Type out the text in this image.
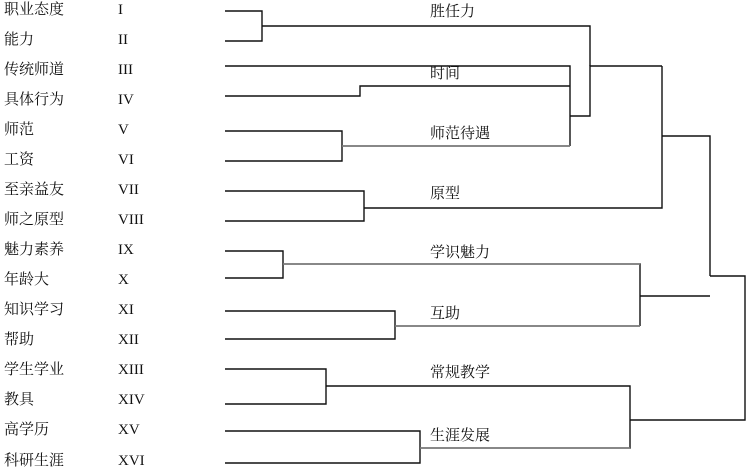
职业态度
能力
传统师道
具体行为
师范
工资
至亲益友
师之原型
魅力素养
年龄大
知识学习
帮助
学生学业
教具
高学历
科研生涯
I
II
III
IV
V
VI
VII
VIII
IX
X
XI
XII
XIII
XIV
XV
XVI
胜任力
时间
师范待遇
原型
学识魅力
互助
常规教学
生涯发展
